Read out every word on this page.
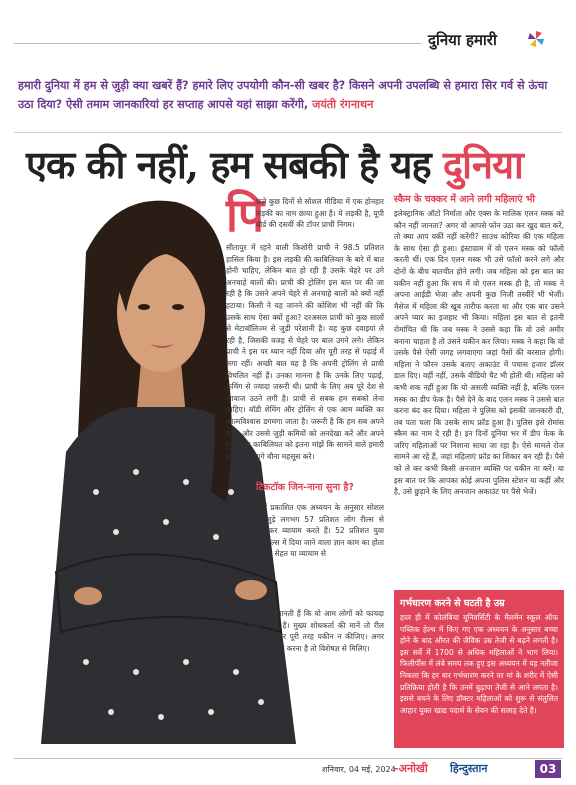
दुनिया हमारी
हमारी दुनिया में हम से जुड़ी क्या खबरें हैं? हमारे लिए उपयोगी कौन-सी खबर है? किसने अपनी उपलब्धि से हमारा सिर गर्व से ऊंचा उठा दिया? ऐसी तमाम जानकारियां हर सप्ताह आपसे यहां साझा करेंगी, जयंती रंगनाथन
एक की नहीं, हम सबकी है यह दुनिया
पि
छले कुछ दिनों से सोशल मीडिया में एक होनहार लड़की का नाम छाया हुआ है। ये लड़की है, यूपी बोर्ड की दसवीं की टॉपर प्राची निगम।
सीतापुर में रहने वाली किशोरी प्राची ने 98.5 प्रतिशत हासिल किया है। इस लड़की की काबिलियत के बारे में बात होनी चाहिए, लेकिन बात हो रही है उसके चेहरे पर उगे अनचाहे बालों की। प्राची की ट्रोलिंग इस बात पर की जा रही है कि उसने अपने चेहरे से अनचाहे बालों को क्यों नहीं हटाया। किसी ने यह जानने की कोशिश भी नहीं की कि उसके साथ ऐसा क्यों हुआ? दरअसल प्राची को कुछ सालों से मेटाबॉलिज्म से जुड़ी परेशानी है। यह कुछ दवाइयां ले रही है, जिसकी वजह से चेहरे पर बाल उगने लगे। लेकिन प्राची ने इस पर ध्यान नहीं दिया और पूरी तरह से पढ़ाई में लगा रहीं। अच्छी बात यह है कि अपनी ट्रोलिंग से प्राची विचलित नहीं हैं। उनका मानना है कि उनके लिए पढ़ाई, कुमिंग से ज्यादा जरूरी थी। प्राची के लिए अब पूरे देश से आवाज उठने लगी है। प्राची से सबक हम सबको लेना चाहिए। बॉडी शेमिंग और ट्रोलिंग से एक आम व्यक्ति का आत्मविश्वास डगमगा जाता है। जरूरी है कि हम सब अपने शरीर और उससे जुड़ी कमियों को अनदेखा करें और अपने हुनर और काबिलियत को इतना मांझें कि सामने वाले हमारी ताकत के आगे बौना महसूस करे।
टिकटॉक जिन-नाना सुना है?
हेल्सी मेल में प्रकाशित एक अध्ययन के अनुसार सोशल मीडिया से जुड़े लगभग 57 प्रतिशत लोग रील्स से प्रभावित हो कर व्यायाम करते हैं। 52 प्रतिशत युवा मानते हैं कि रील्स में दिया जाने वाला ज्ञान काम का होता है। जो युवतियां सेहत या व्यायाम से
जुड़े रील्स बनाती हैं, वो भी यह मानती हैं कि वो आम लोगों को फायदा पहुंचाने के लिए यह काम करती हैं। मुख्य शोधकर्ता की मानें तो रील मनोरंजन के लिए देखें, पर इस पर पूरी तरह यकीन न कीजिए। अगर आपको वजन घटाने के लिए व्यायाम करना है तो विशेषज्ञ से मिलिए।
स्कैम के चक्कर में आने लगी महिलाएं भी
इलेक्ट्रानिक ऑटो निर्माता और एक्स के मालिक एलन मस्क को कौन नहीं जानता? अगर वो आपसे फोन उठा कर खुद बात करें, तो क्या आप यकीं नहीं करेंगी? साउथ कोरिया की एक महिला के साथ ऐसा ही हुआ। इंस्टाग्राम में वो एलन मस्क को फॉलो करती थीं। एक दिन एलन मस्क भी उसे फॉलो करने लगे और दोनों के बीच बातचीत होने लगी। जब महिला को इस बात का यकीन नहीं हुआ कि सच में वो एलन मस्क ही है, तो मस्क ने अपना आईडी भेजा और अपनी कुछ निजी तस्वीरें भी भेजीं। मैसेज में महिला की खूब तारीफ करता था और एक बार उसने अपने प्यार का इजहार भी किया। महिला इस बात से इतनी रोमांचित थी कि जब मस्क ने उससे कहा कि वो उसे अमीर बनाना चाहता है तो उसने यकीन कर लिया। मस्क ने कहा कि वो उसके पैसे ऐसी जगह लगवाएगा जहां पैसों की बरसात होगी। महिला ने फौरन उसके बताए अकाउंट में पचास हजार डॉलर डाल दिए। वहीं नहीं, उसके वीडियो चैट भी होती थी। महिला को कभी शक नहीं हुआ कि यो असली व्यक्ति नहीं है, बल्कि एलन मस्क का डीप फेक है। पैसे देने के बाद एलन मस्क ने उससे बात करना बंद कर दिया। महिला ने पुलिस को इसकी जानकारी दी, तब पता चला कि उसके साथ फ्रॉड हुआ है। पुलिस इसे रोमांस स्कैम का नाम दे रही है। इन दिनों दुनिया भर में डीप फेक के जरिए महिलाओं पर निशाना साधा जा रहा है। ऐसे मामले रोज सामने आ रहे हैं, जहां महिलाएं फ्रॉड का शिकार बन रही हैं। पैसे को ले कर कभी किसी अनजान व्यक्ति पर यकीन ना करें। या इस बात पर कि आपका कोई अपना पुलिस स्टेशन या कहीं और है, उसे छुड़ाने के लिए अनजान अकाउंट पर पैसे भेजें।
गर्भधारण करने से घटती है उम्र
हाल ही में कोलंबिया यूनिवर्सिटी के मैलमेन स्कूल ऑफ पब्लिक हेल्थ में किए गए एक अध्ययन के अनुसार बच्चा होने के बाद औरत की जैविक उम्र तेजी से बढ़ने लगती है। इस सर्वे में 1700 से अधिक महिलाओं ने भाग लिया। फिलीपींस में लंबे समय तक हुए इस अध्ययन में यह नतीजा निकला कि हर बार गर्भधारण करने पर मां के शरीर में ऐसी प्रतिक्रिया होती है कि उनमें बुढ़ापा तेजी से आने लगता है। इससे बचने के लिए डॉक्टर महिलाओं को शुरू से संतुलित आहार युक्त खाद्य पदार्थ के सेवन की सलाह देते हैं।
शनिवार, 04 मई, 2024
-अनोखी हिन्दुस्तान	03
